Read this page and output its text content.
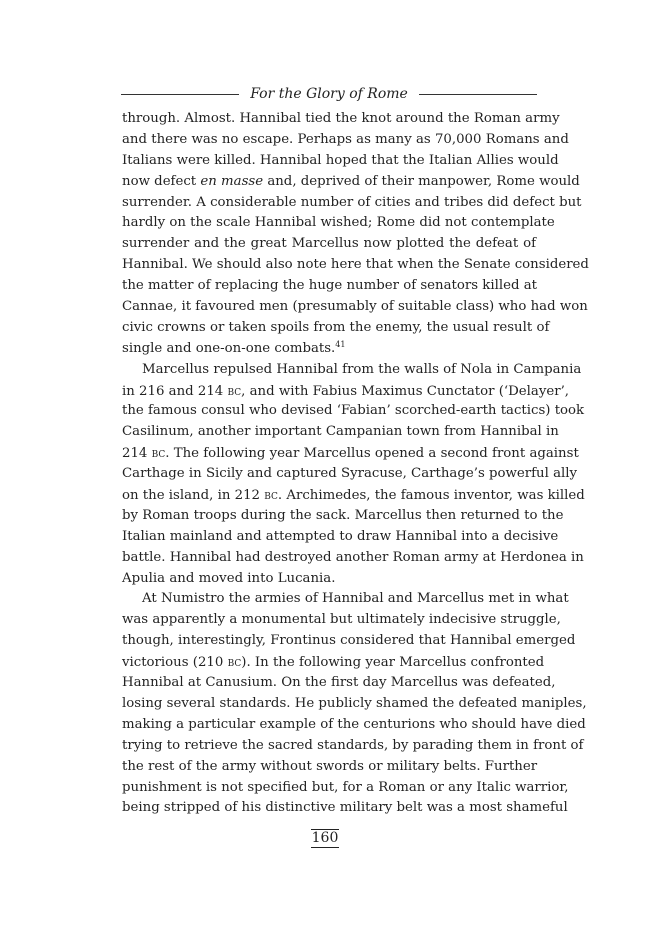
For the Glory of Rome
through. Almost. Hannibal tied the knot around the Roman army
and there was no escape. Perhaps as many as 70,000 Romans and
Italians were killed. Hannibal hoped that the Italian Allies would
now defect en masse and, deprived of their manpower, Rome would
surrender. A considerable number of cities and tribes did defect but
hardly on the scale Hannibal wished; Rome did not contemplate
surrender and the great Marcellus now plotted the defeat of
Hannibal. We should also note here that when the Senate considered
the matter of replacing the huge number of senators killed at
Cannae, it favoured men (presumably of suitable class) who had won
civic crowns or taken spoils from the enemy, the usual result of
single and one-on-one combats.$^{41}$
Marcellus repulsed Hannibal from the walls of Nola in Campania
in 216 and 214 bc, and with Fabius Maximus Cunctator (‘Delayer’,
the famous consul who devised ‘Fabian’ scorched-earth tactics) took
Casilinum, another important Campanian town from Hannibal in
214 bc. The following year Marcellus opened a second front against
Carthage in Sicily and captured Syracuse, Carthage’s powerful ally
on the island, in 212 bc. Archimedes, the famous inventor, was killed
by Roman troops during the sack. Marcellus then returned to the
Italian mainland and attempted to draw Hannibal into a decisive
battle. Hannibal had destroyed another Roman army at Herdonea in
Apulia and moved into Lucania.
At Numistro the armies of Hannibal and Marcellus met in what
was apparently a monumental but ultimately indecisive struggle,
though, interestingly, Frontinus considered that Hannibal emerged
victorious (210 bc). In the following year Marcellus confronted
Hannibal at Canusium. On the first day Marcellus was defeated,
losing several standards. He publicly shamed the defeated maniples,
making a particular example of the centurions who should have died
trying to retrieve the sacred standards, by parading them in front of
the rest of the army without swords or military belts. Further
punishment is not specified but, for a Roman or any Italic warrior,
being stripped of his distinctive military belt was a most shameful
160
